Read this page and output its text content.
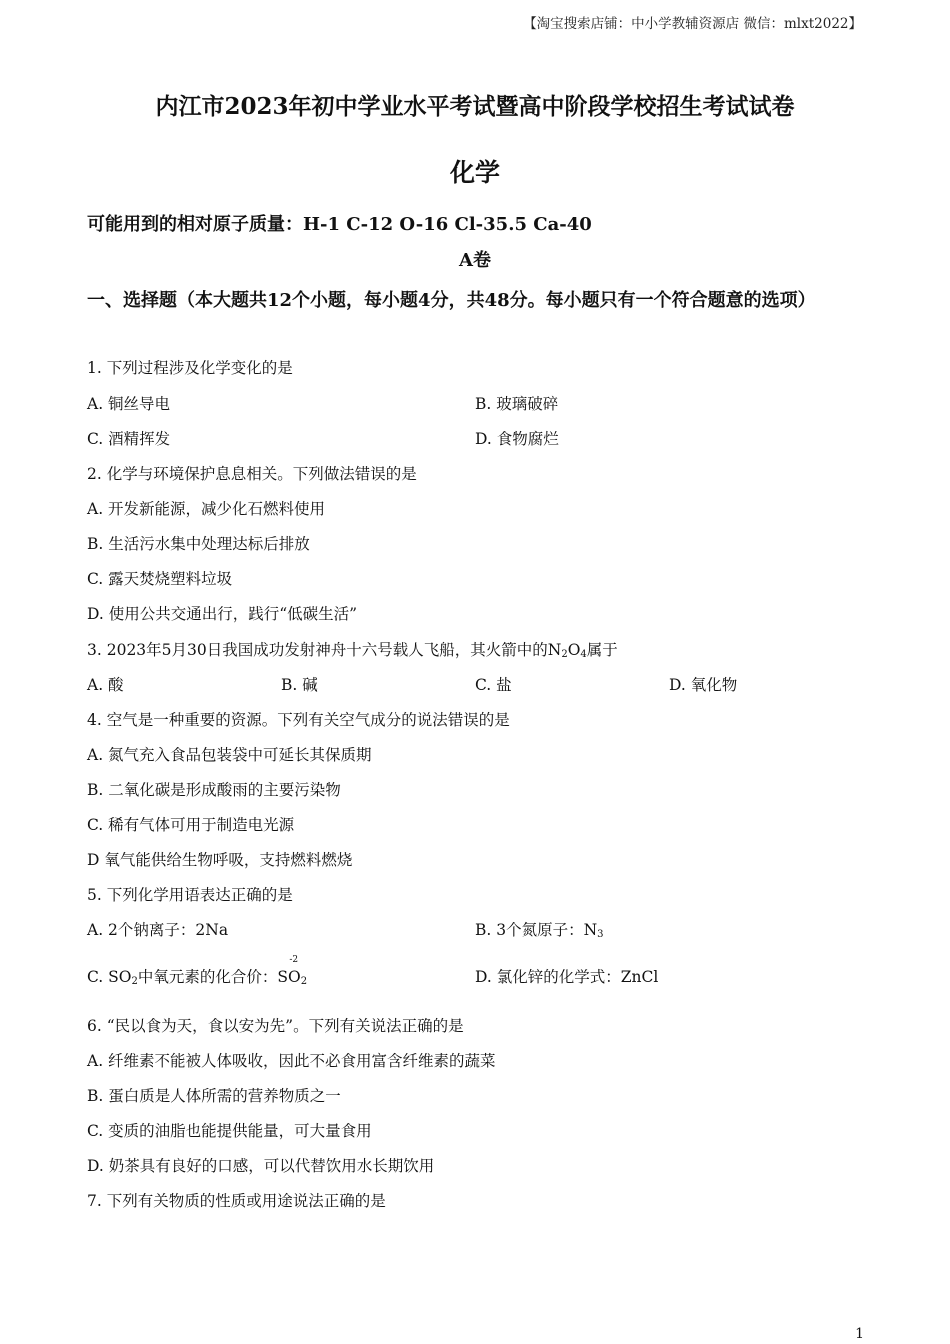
【淘宝搜索店铺：中小学教辅资源店 微信：mlxt2022】
内江市2023年初中学业水平考试暨高中阶段学校招生考试试卷
化学
可能用到的相对原子质量：H-1 C-12 O-16 Cl-35.5 Ca-40
A卷
一、选择题（本大题共12个小题，每小题4分，共48分。每小题只有一个符合题意的选项）
1. 下列过程涉及化学变化的是
A. 铜丝导电	B. 玻璃破碎
C. 酒精挥发	D. 食物腐烂
2. 化学与环境保护息息相关。下列做法错误的是
A. 开发新能源，减少化石燃料使用
B. 生活污水集中处理达标后排放
C. 露天焚烧塑料垃圾
D. 使用公共交通出行，践行“低碳生活”
3. 2023年5月30日我国成功发射神舟十六号载人飞船，其火箭中的$N_2O_4$属于
A. 酸	B. 碱	C. 盐	D. 氧化物
4. 空气是一种重要的资源。下列有关空气成分的说法错误的是
A. 氮气充入食品包装袋中可延长其保质期
B. 二氧化碳是形成酸雨的主要污染物
C. 稀有气体可用于制造电光源
D 氧气能供给生物呼吸，支持燃料燃烧
5. 下列化学用语表达正确的是
A. 2个钠离子：2Na	B. 3个氮原子：$N_3$
C. $SO_2$中氧元素的化合价：
-2
$SO_2$	D. 氯化锌的化学式：ZnCl
6. “民以食为天，食以安为先”。下列有关说法正确的是
A. 纤维素不能被人体吸收，因此不必食用富含纤维素的蔬菜
B. 蛋白质是人体所需的营养物质之一
C. 变质的油脂也能提供能量，可大量食用
D. 奶茶具有良好的口感，可以代替饮用水长期饮用
7. 下列有关物质的性质或用途说法正确的是
1
